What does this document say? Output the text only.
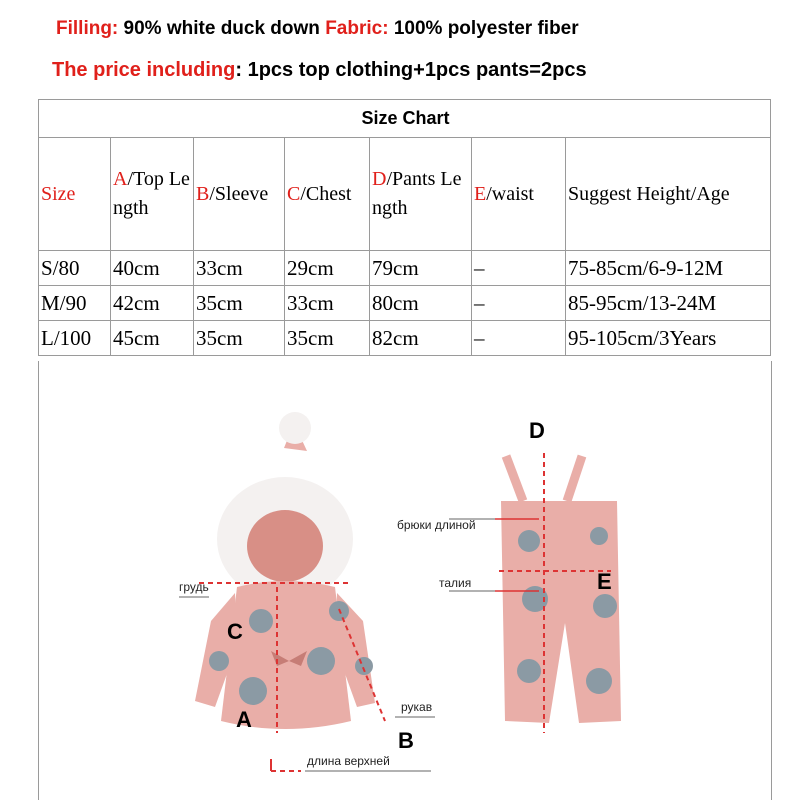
Filling: 90% white duck down Fabric: 100% polyester fiber
The price including: 1pcs top clothing+1pcs pants=2pcs
Size Chart						
Size	A/Top Length	B/Sleeve	C/Chest	D/Pants Length	E/waist	Suggest Height/Age
S/80	40cm	33cm	29cm	79cm	–	75-85cm/6-9-12M
M/90	42cm	35cm	33cm	80cm	–	85-95cm/13-24M
L/100	45cm	35cm	35cm	82cm	–	95-105cm/3Years
C
A
B
D
E
грудь
рукав
длина верхней
брюки длиной
талия
